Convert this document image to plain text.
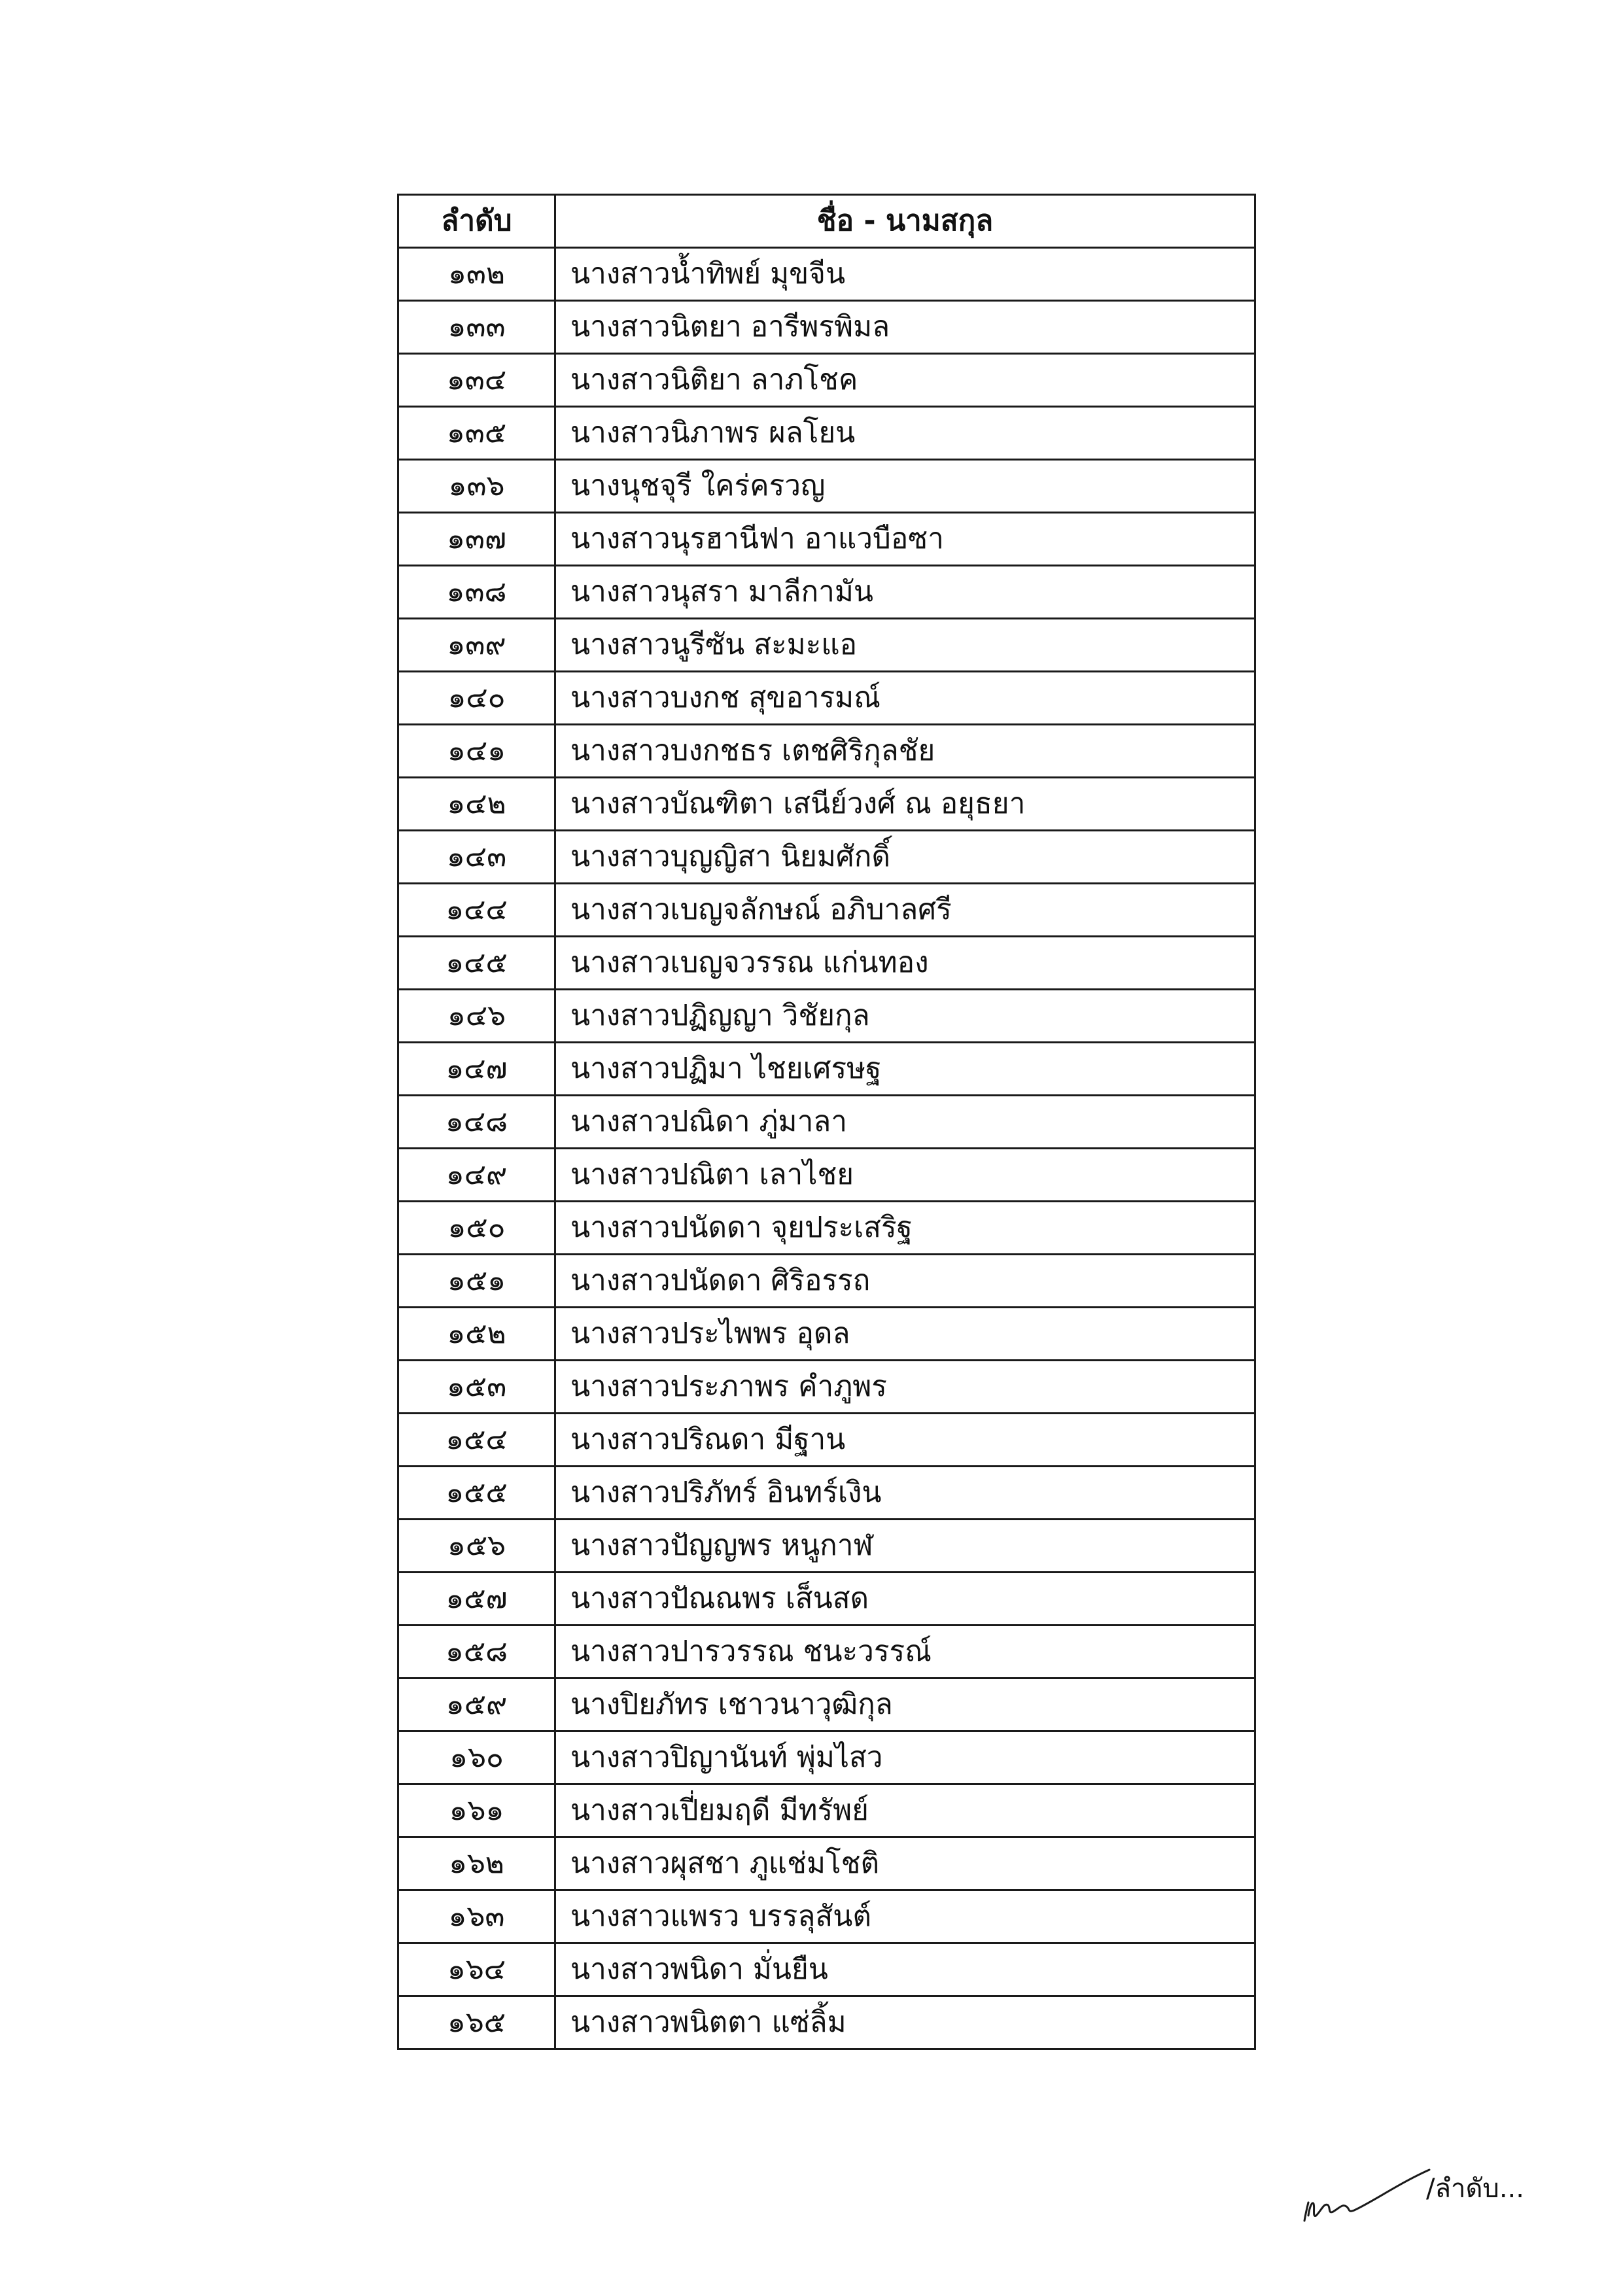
ลำดับ	ชื่อ - นามสกุล
๑๓๒	นางสาวน้ำทิพย์ มุขจีน
๑๓๓	นางสาวนิตยา อารีพรพิมล
๑๓๔	นางสาวนิติยา ลาภโชค
๑๓๕	นางสาวนิภาพร ผลโยน
๑๓๖	นางนุชจุรี ใคร่ครวญ
๑๓๗	นางสาวนุรฮานีฟา อาแวบือซา
๑๓๘	นางสาวนุสรา มาลีกามัน
๑๓๙	นางสาวนูรีซัน สะมะแอ
๑๔๐	นางสาวบงกช สุขอารมณ์
๑๔๑	นางสาวบงกชธร เตชศิริกุลชัย
๑๔๒	นางสาวบัณฑิตา เสนีย์วงศ์ ณ อยุธยา
๑๔๓	นางสาวบุญญิสา นิยมศักดิ์
๑๔๔	นางสาวเบญจลักษณ์ อภิบาลศรี
๑๔๕	นางสาวเบญจวรรณ แก่นทอง
๑๔๖	นางสาวปฏิญญา วิชัยกุล
๑๔๗	นางสาวปฏิมา ไชยเศรษฐ
๑๔๘	นางสาวปณิดา ภู่มาลา
๑๔๙	นางสาวปณิตา เลาไชย
๑๕๐	นางสาวปนัดดา จุยประเสริฐ
๑๕๑	นางสาวปนัดดา ศิริอรรถ
๑๕๒	นางสาวประไพพร อุดล
๑๕๓	นางสาวประภาพร คำภูพร
๑๕๔	นางสาวปริณดา มีฐาน
๑๕๕	นางสาวปริภัทร์ อินทร์เงิน
๑๕๖	นางสาวปัญญพร หนูกาฬ
๑๕๗	นางสาวปัณณพร เส็นสด
๑๕๘	นางสาวปารวรรณ ชนะวรรณ์
๑๕๙	นางปิยภัทร เชาวนาวุฒิกุล
๑๖๐	นางสาวปิญานันท์ พุ่มไสว
๑๖๑	นางสาวเปี่ยมฤดี มีทรัพย์
๑๖๒	นางสาวผุสชา ภูแช่มโชติ
๑๖๓	นางสาวแพรว บรรลุสันต์
๑๖๔	นางสาวพนิดา มั่นยืน
๑๖๕	นางสาวพนิตตา แซ่ลิ้ม
/ลำดับ...
